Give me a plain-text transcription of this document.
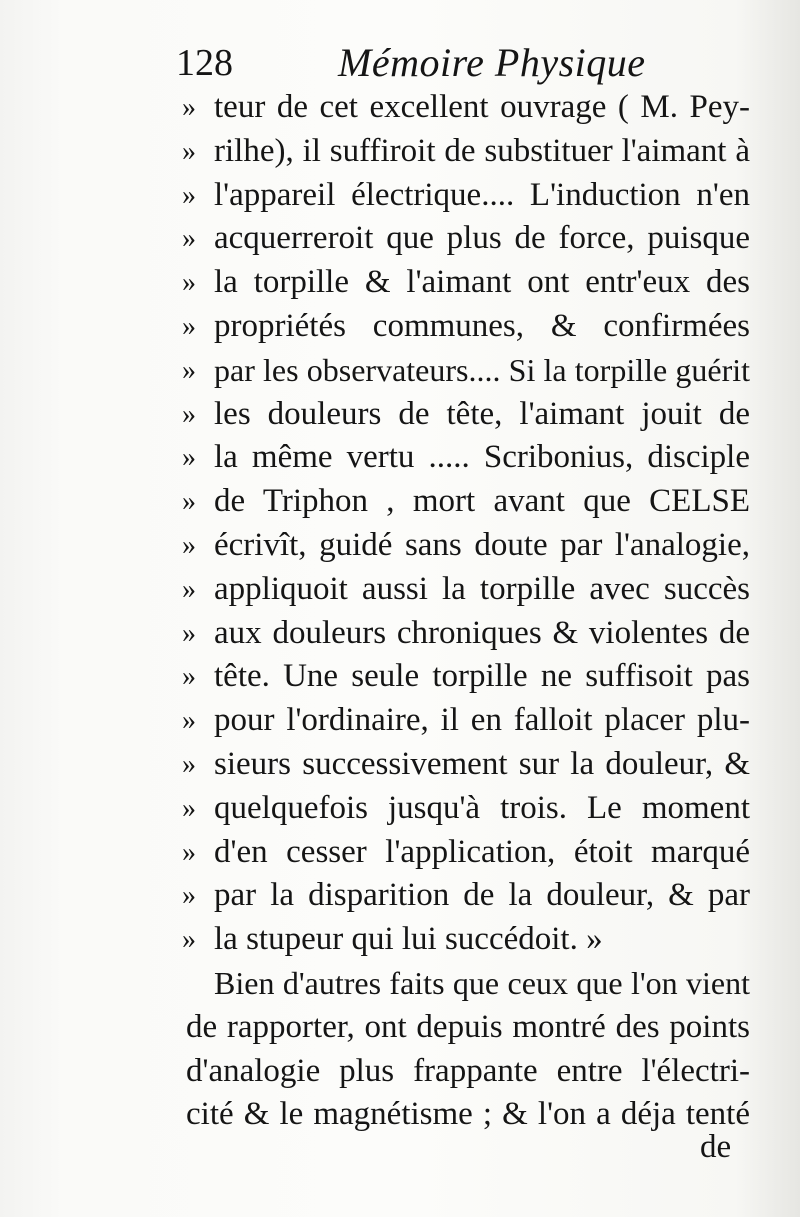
128	Mémoire Physique
» teur de cet excellent ouvrage ( M. Pey-
» rilhe), il suffiroit de substituer l'aimant à
» l'appareil électrique.... L'induction n'en
» acquerreroit que plus de force, puisque
» la torpille & l'aimant ont entr'eux des
» propriétés communes, & confirmées
» par les observateurs.... Si la torpille guérit
» les douleurs de tête, l'aimant jouit de
» la même vertu ..... Scribonius, disciple
» de Triphon , mort avant que CELSE
» écrivît, guidé sans doute par l'analogie,
» appliquoit aussi la torpille avec succès
» aux douleurs chroniques & violentes de
» tête. Une seule torpille ne suffisoit pas
» pour l'ordinaire, il en falloit placer plu-
» sieurs successivement sur la douleur, &
» quelquefois jusqu'à trois. Le moment
» d'en cesser l'application, étoit marqué
» par la disparition de la douleur, & par
» la stupeur qui lui succédoit. »
Bien d'autres faits que ceux que l'on vient
de rapporter, ont depuis montré des points
d'analogie plus frappante entre l'électri-
cité & le magnétisme ; & l'on a déja tenté
de
